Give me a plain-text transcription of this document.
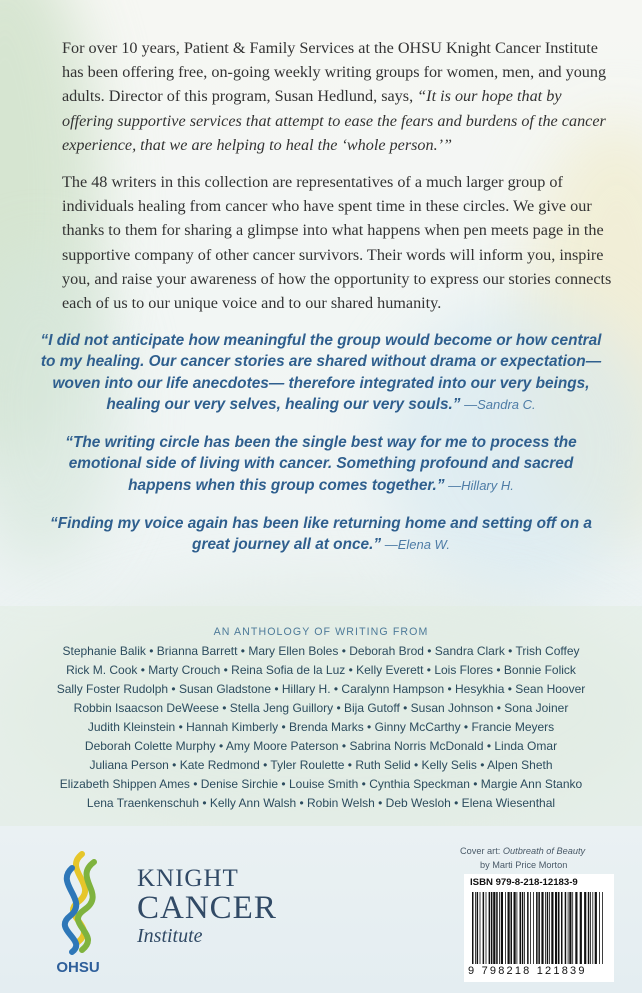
For over 10 years, Patient & Family Services at the OHSU Knight Cancer Institute has been offering free, on-going weekly writing groups for women, men, and young adults. Director of this program, Susan Hedlund, says, “It is our hope that by offering supportive services that attempt to ease the fears and burdens of the cancer experience, that we are helping to heal the ‘whole person.’”

The 48 writers in this collection are representatives of a much larger group of individuals healing from cancer who have spent time in these circles. We give our thanks to them for sharing a glimpse into what happens when pen meets page in the supportive company of other cancer survivors. Their words will inform you, inspire you, and raise your awareness of how the opportunity to express our stories connects each of us to our unique voice and to our shared humanity.

“I did not anticipate how meaningful the group would become or how central to my healing. Our cancer stories are shared without drama or expectation—woven into our life anecdotes— therefore integrated into our very beings, healing our very selves, healing our very souls.” —Sandra C.

“The writing circle has been the single best way for me to process the emotional side of living with cancer. Something profound and sacred happens when this group comes together.” —Hillary H.

“Finding my voice again has been like returning home and setting off on a great journey all at once.” —Elena W.

AN ANTHOLOGY OF WRITING FROM
Stephanie Balik • Brianna Barrett • Mary Ellen Boles • Deborah Brod • Sandra Clark • Trish Coffey
Rick M. Cook • Marty Crouch • Reina Sofia de la Luz • Kelly Everett • Lois Flores • Bonnie Folick
Sally Foster Rudolph • Susan Gladstone • Hillary H. • Caralynn Hampson • Hesykhia • Sean Hoover
Robbin Isaacson DeWeese • Stella Jeng Guillory • Bija Gutoff • Susan Johnson • Sona Joiner
Judith Kleinstein • Hannah Kimberly • Brenda Marks • Ginny McCarthy • Francie Meyers
Deborah Colette Murphy • Amy Moore Paterson • Sabrina Norris McDonald • Linda Omar
Juliana Person • Kate Redmond • Tyler Roulette • Ruth Selid • Kelly Selis • Alpen Sheth
Elizabeth Shippen Ames • Denise Sirchie • Louise Smith • Cynthia Speckman • Margie Ann Stanko
Lena Traenkenschuh • Kelly Ann Walsh • Robin Welsh • Deb Wesloh • Elena Wiesenthal
OHSU
KNIGHT
CANCER
Institute
Cover art: Outbreath of Beauty
by Marti Price Morton
ISBN 979-8-218-12183-9
9 798218 121839
